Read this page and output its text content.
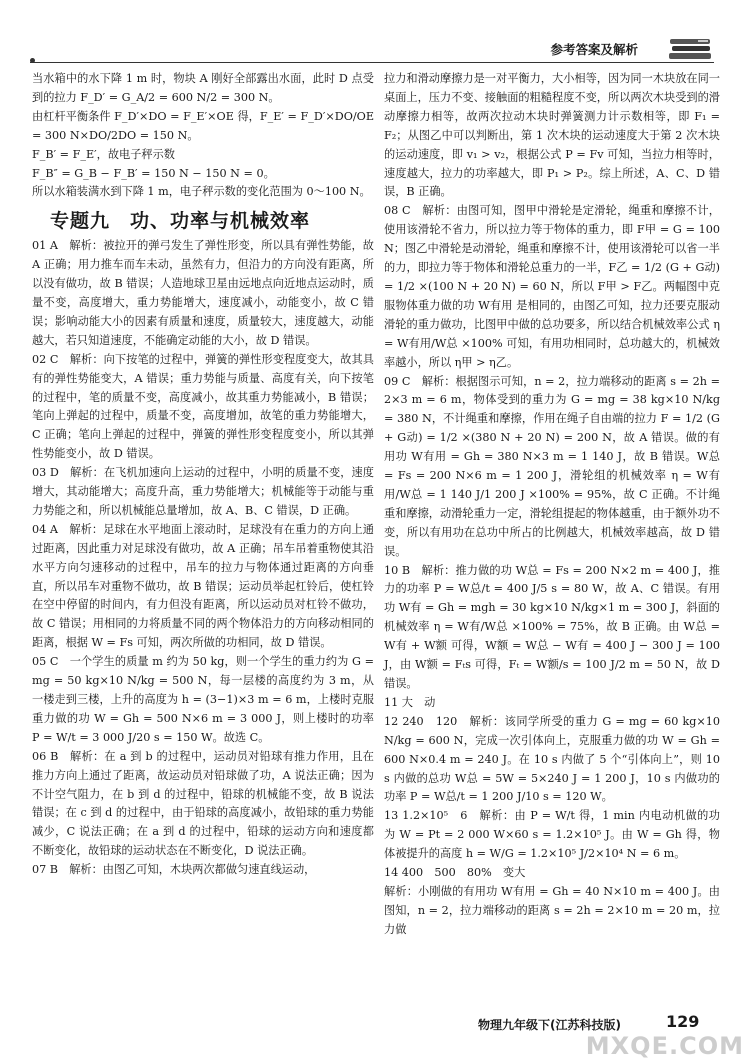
参考答案及解析

当水箱中的水下降 1 m 时，物块 A 刚好全部露出水面，此时 D 点受到的拉力 F_D′ = G_A/2 = 600 N/2 = 300 N。

由杠杆平衡条件 F_D′×DO = F_E′×OE 得，F_E′ = F_D′×DO/OE = 300 N×DO/2DO = 150 N。

F_B′ = F_E′，故电子秤示数

F_B″ = G_B − F_B′ = 150 N − 150 N = 0。

所以水箱装满水到下降 1 m，电子秤示数的变化范围为 0～100 N。

专题九　功、功率与机械效率

01 A　解析：被拉开的弹弓发生了弹性形变，所以具有弹性势能，故 A 正确；用力推车而车未动，虽然有力，但沿力的方向没有距离，所以没有做功，故 B 错误；人造地球卫星由远地点向近地点运动时，质量不变，高度增大，重力势能增大，速度减小，动能变小，故 C 错误；影响动能大小的因素有质量和速度，质量较大，速度越大，动能越大，若只知道速度，不能确定动能的大小，故 D 错误。

02 C　解析：向下按笔的过程中，弹簧的弹性形变程度变大，故其具有的弹性势能变大，A 错误；重力势能与质量、高度有关，向下按笔的过程中，笔的质量不变，高度减小，故其重力势能减小，B 错误；笔向上弹起的过程中，质量不变，高度增加，故笔的重力势能增大，C 正确；笔向上弹起的过程中，弹簧的弹性形变程度变小，所以其弹性势能变小，故 D 错误。

03 D　解析：在飞机加速向上运动的过程中，小明的质量不变，速度增大，其动能增大；高度升高，重力势能增大；机械能等于动能与重力势能之和，所以机械能总量增加，故 A、B、C 错误，D 正确。

04 A　解析：足球在水平地面上滚动时，足球没有在重力的方向上通过距离，因此重力对足球没有做功，故 A 正确；吊车吊着重物使其沿水平方向匀速移动的过程中，吊车的拉力与物体通过距离的方向垂直，所以吊车对重物不做功，故 B 错误；运动员举起杠铃后，使杠铃在空中停留的时间内，有力但没有距离，所以运动员对杠铃不做功，故 C 错误；用相同的力将质量不同的两个物体沿力的方向移动相同的距离，根据 W = Fs 可知，两次所做的功相同，故 D 错误。

05 C　一个学生的质量 m 约为 50 kg，则一个学生的重力约为 G = mg = 50 kg×10 N/kg = 500 N，每一层楼的高度约为 3 m，从一楼走到三楼，上升的高度为 h = (3−1)×3 m = 6 m，上楼时克服重力做的功 W = Gh = 500 N×6 m = 3 000 J，则上楼时的功率 P = W/t = 3 000 J/20 s = 150 W。故选 C。

06 B　解析：在 a 到 b 的过程中，运动员对铅球有推力作用，且在推力方向上通过了距离，故运动员对铅球做了功，A 说法正确；因为不计空气阻力，在 b 到 d 的过程中，铅球的机械能不变，故 B 说法错误；在 c 到 d 的过程中，由于铅球的高度减小，故铅球的重力势能减少，C 说法正确；在 a 到 d 的过程中，铅球的运动方向和速度都不断变化，故铅球的运动状态在不断变化，D 说法正确。

07 B　解析：由图乙可知，木块两次都做匀速直线运动，

拉力和滑动摩擦力是一对平衡力，大小相等，因为同一木块放在同一桌面上，压力不变、接触面的粗糙程度不变，所以两次木块受到的滑动摩擦力相等，故两次拉动木块时弹簧测力计示数相等，即 F₁ = F₂；从图乙中可以判断出，第 1 次木块的运动速度大于第 2 次木块的运动速度，即 v₁ > v₂，根据公式 P = Fv 可知，当拉力相等时，速度越大，拉力的功率越大，即 P₁ > P₂。综上所述，A、C、D 错误，B 正确。

08 C　解析：由图可知，图甲中滑轮是定滑轮，绳重和摩擦不计，使用该滑轮不省力，所以拉力等于物体的重力，即 F甲 = G = 100 N；图乙中滑轮是动滑轮，绳重和摩擦不计，使用该滑轮可以省一半的力，即拉力等于物体和滑轮总重力的一半，F乙 = 1/2 (G + G动) = 1/2 ×(100 N + 20 N) = 60 N，所以 F甲 > F乙。两幅图中克服物体重力做的功 W有用 是相同的，由图乙可知，拉力还要克服动滑轮的重力做功，比图甲中做的总功要多，所以结合机械效率公式 η = W有用/W总 ×100% 可知，有用功相同时，总功越大的，机械效率越小，所以 η甲 > η乙。

09 C　解析：根据图示可知，n = 2，拉力端移动的距离 s = 2h = 2×3 m = 6 m，物体受到的重力为 G = mg = 38 kg×10 N/kg = 380 N，不计绳重和摩擦，作用在绳子自由端的拉力 F = 1/2 (G + G动) = 1/2 ×(380 N + 20 N) = 200 N，故 A 错误。做的有用功 W有用 = Gh = 380 N×3 m = 1 140 J，故 B 错误。W总 = Fs = 200 N×6 m = 1 200 J，滑轮组的机械效率 η = W有用/W总 = 1 140 J/1 200 J ×100% = 95%，故 C 正确。不计绳重和摩擦，动滑轮重力一定，滑轮组提起的物体越重，由于额外功不变，所以有用功在总功中所占的比例越大，机械效率越高，故 D 错误。

10 B　解析：推力做的功 W总 = Fs = 200 N×2 m = 400 J，推力的功率 P = W总/t = 400 J/5 s = 80 W，故 A、C 错误。有用功 W有 = Gh = mgh = 30 kg×10 N/kg×1 m = 300 J，斜面的机械效率 η = W有/W总 ×100% = 75%，故 B 正确。由 W总 = W有 + W额 可得，W额 = W总 − W有 = 400 J − 300 J = 100 J，由 W额 = Fₜs 可得，Fₜ = W额/s = 100 J/2 m = 50 N，故 D 错误。

11 大　动

12 240　120　解析：该同学所受的重力 G = mg = 60 kg×10 N/kg = 600 N，完成一次引体向上，克服重力做的功 W = Gh = 600 N×0.4 m = 240 J。在 10 s 内做了 5 个“引体向上”，则 10 s 内做的总功 W总 = 5W = 5×240 J = 1 200 J，10 s 内做功的功率 P = W总/t = 1 200 J/10 s = 120 W。

13 1.2×10⁵　6　解析：由 P = W/t 得，1 min 内电动机做的功为 W = Pt = 2 000 W×60 s = 1.2×10⁵ J。由 W = Gh 得，物体被提升的高度 h = W/G = 1.2×10⁵ J/2×10⁴ N = 6 m。

14 400　500　80%　变大

解析：小刚做的有用功 W有用 = Gh = 40 N×10 m = 400 J。由图知，n = 2，拉力端移动的距离 s = 2h = 2×10 m = 20 m，拉力做

物理九年级下(江苏科技版)	129
MXQE.COM
